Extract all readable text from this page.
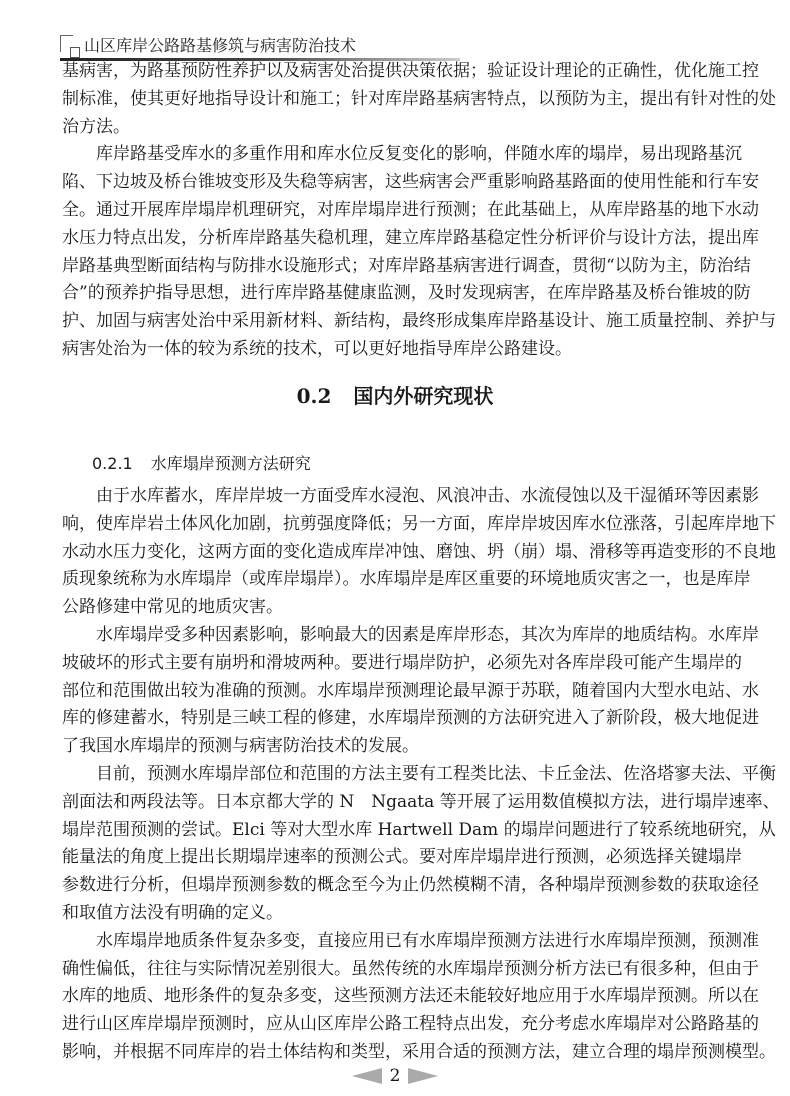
山区库岸公路路基修筑与病害防治技术
基病害，为路基预防性养护以及病害处治提供决策依据；验证设计理论的正确性，优化施工控
制标准，使其更好地指导设计和施工；针对库岸路基病害特点，以预防为主，提出有针对性的处
治方法。
库岸路基受库水的多重作用和库水位反复变化的影响，伴随水库的塌岸，易出现路基沉
陷、下边坡及桥台锥坡变形及失稳等病害，这些病害会严重影响路基路面的使用性能和行车安
全。通过开展库岸塌岸机理研究，对库岸塌岸进行预测；在此基础上，从库岸路基的地下水动
水压力特点出发，分析库岸路基失稳机理，建立库岸路基稳定性分析评价与设计方法，提出库
岸路基典型断面结构与防排水设施形式；对库岸路基病害进行调查，贯彻“以防为主，防治结
合”的预养护指导思想，进行库岸路基健康监测，及时发现病害，在库岸路基及桥台锥坡的防
护、加固与病害处治中采用新材料、新结构，最终形成集库岸路基设计、施工质量控制、养护与
病害处治为一体的较为系统的技术，可以更好地指导库岸公路建设。
0.2 国内外研究现状
0.2.1 水库塌岸预测方法研究
由于水库蓄水，库岸岸坡一方面受库水浸泡、风浪冲击、水流侵蚀以及干湿循环等因素影
响，使库岸岩土体风化加剧，抗剪强度降低；另一方面，库岸岸坡因库水位涨落，引起库岸地下
水动水压力变化，这两方面的变化造成库岸冲蚀、磨蚀、坍（崩）塌、滑移等再造变形的不良地
质现象统称为水库塌岸（或库岸塌岸）。水库塌岸是库区重要的环境地质灾害之一，也是库岸
公路修建中常见的地质灾害。
水库塌岸受多种因素影响，影响最大的因素是库岸形态，其次为库岸的地质结构。水库岸
坡破坏的形式主要有崩坍和滑坡两种。要进行塌岸防护，必须先对各库岸段可能产生塌岸的
部位和范围做出较为准确的预测。水库塌岸预测理论最早源于苏联，随着国内大型水电站、水
库的修建蓄水，特别是三峡工程的修建，水库塌岸预测的方法研究进入了新阶段，极大地促进
了我国水库塌岸的预测与病害防治技术的发展。
目前，预测水库塌岸部位和范围的方法主要有工程类比法、卡丘金法、佐洛塔寥夫法、平衡
剖面法和两段法等。日本京都大学的 N　Ngaata 等开展了运用数值模拟方法，进行塌岸速率、
塌岸范围预测的尝试。Elci 等对大型水库 Hartwell Dam 的塌岸问题进行了较系统地研究，从
能量法的角度上提出长期塌岸速率的预测公式。要对库岸塌岸进行预测，必须选择关键塌岸
参数进行分析，但塌岸预测参数的概念至今为止仍然模糊不清，各种塌岸预测参数的获取途径
和取值方法没有明确的定义。
水库塌岸地质条件复杂多变，直接应用已有水库塌岸预测方法进行水库塌岸预测，预测准
确性偏低，往往与实际情况差别很大。虽然传统的水库塌岸预测分析方法已有很多种，但由于
水库的地质、地形条件的复杂多变，这些预测方法还未能较好地应用于水库塌岸预测。所以在
进行山区库岸塌岸预测时，应从山区库岸公路工程特点出发，充分考虑水库塌岸对公路路基的
影响，并根据不同库岸的岩土体结构和类型，采用合适的预测方法，建立合理的塌岸预测模型。
2
